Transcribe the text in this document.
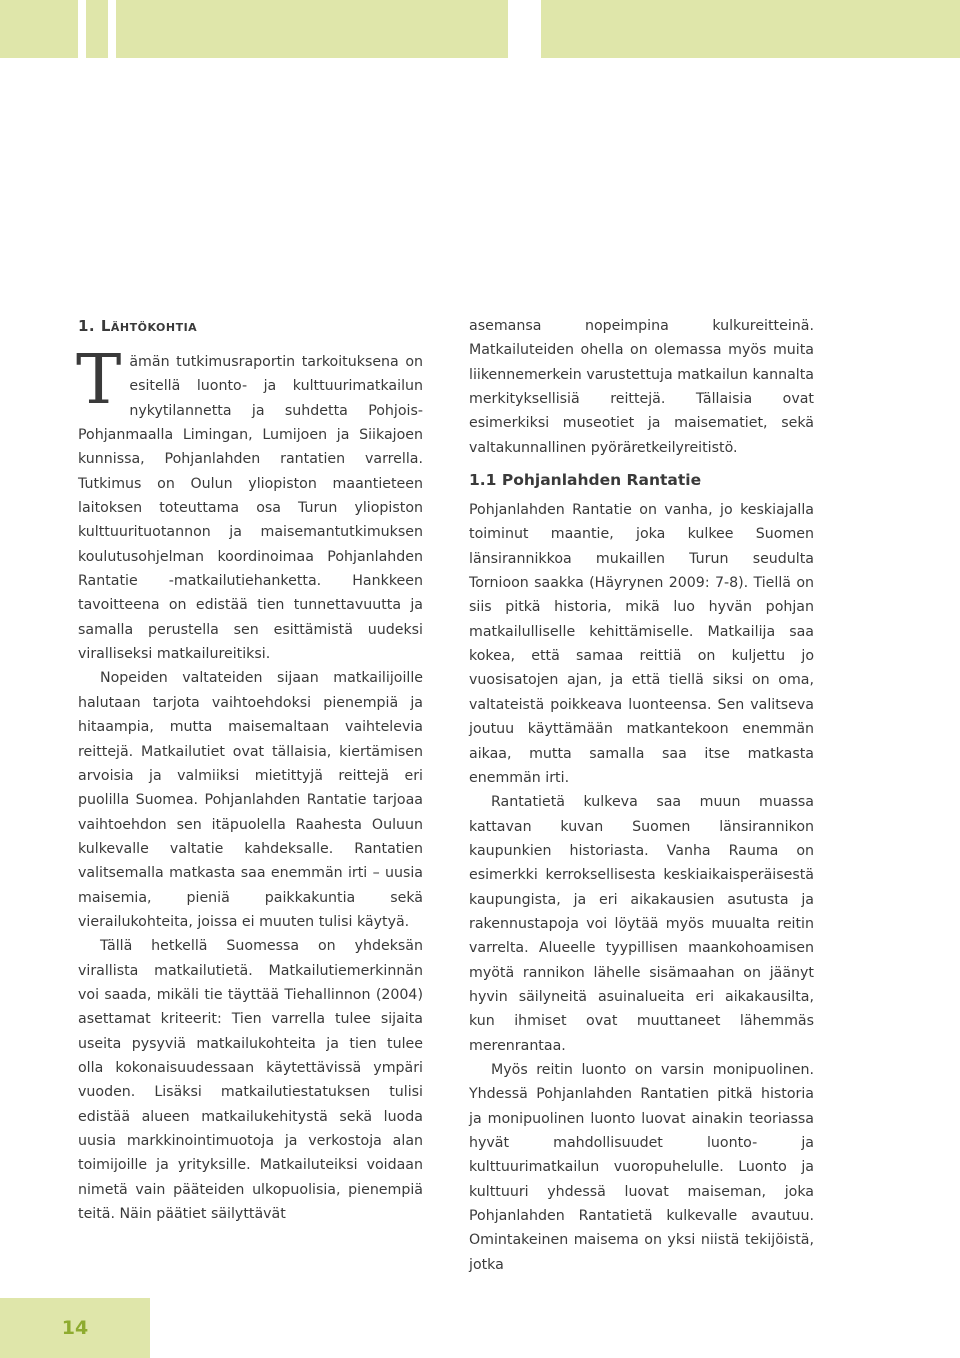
1. Lähtökohtia

Tämän tutkimusraportin tarkoituksena on esitellä luonto- ja kulttuurimatkailun nykytilannetta ja suhdetta Pohjois-Pohjanmaalla Limingan, Lumijoen ja Siikajoen kunnissa, Pohjanlahden rantatien varrella. Tutkimus on Oulun yliopiston maantieteen laitoksen toteuttama osa Turun yliopiston kulttuurituotannon ja maisemantutkimuksen koulutusohjelman koordinoimaa Pohjanlahden Rantatie -matkailutiehanketta. Hankkeen tavoitteena on edistää tien tunnettavuutta ja samalla perustella sen esittämistä uudeksi viralliseksi matkailureitiksi.

Nopeiden valtateiden sijaan matkailijoille halutaan tarjota vaihtoehdoksi pienempiä ja hitaampia, mutta maisemaltaan vaihtelevia reittejä. Matkailutiet ovat tällaisia, kiertämisen arvoisia ja valmiiksi mietittyjä reittejä eri puolilla Suomea. Pohjanlahden Rantatie tarjoaa vaihtoehdon sen itäpuolella Raahesta Ouluun kulkevalle valtatie kahdeksalle. Rantatien valitsemalla matkasta saa enemmän irti – uusia maisemia, pieniä paikkakuntia sekä vierailukohteita, joissa ei muuten tulisi käytyä.

Tällä hetkellä Suomessa on yhdeksän virallista matkailutietä. Matkailutiemerkinnän voi saada, mikäli tie täyttää Tiehallinnon (2004) asettamat kriteerit: Tien varrella tulee sijaita useita pysyviä matkailukohteita ja tien tulee olla kokonaisuudessaan käytettävissä ympäri vuoden. Lisäksi matkailutiestatuksen tulisi edistää alueen matkailukehitystä sekä luoda uusia markkinointimuotoja ja verkostoja alan toimijoille ja yrityksille. Matkailuteiksi voidaan nimetä vain pääteiden ulkopuolisia, pienempiä teitä. Näin päätiet säilyttävät

asemansa nopeimpina kulkureitteinä. Matkailuteiden ohella on olemassa myös muita liikennemerkein varustettuja matkailun kannalta merkityksellisiä reittejä. Tällaisia ovat esimerkiksi museotiet ja maisematiet, sekä valtakunnallinen pyöräretkeilyreitistö.

1.1 Pohjanlahden Rantatie

Pohjanlahden Rantatie on vanha, jo keskiajalla toiminut maantie, joka kulkee Suomen länsirannikkoa mukaillen Turun seudulta Tornioon saakka (Häyrynen 2009: 7-8). Tiellä on siis pitkä historia, mikä luo hyvän pohjan matkailulliselle kehittämiselle. Matkailija saa kokea, että samaa reittiä on kuljettu jo vuosisatojen ajan, ja että tiellä siksi on oma, valtateistä poikkeava luonteensa. Sen valitseva joutuu käyttämään matkantekoon enemmän aikaa, mutta samalla saa itse matkasta enemmän irti.

Rantatietä kulkeva saa muun muassa kattavan kuvan Suomen länsirannikon kaupunkien historiasta. Vanha Rauma on esimerkki kerroksellisesta keskiaikaisperäisestä kaupungista, ja eri aikakausien asutusta ja rakennustapoja voi löytää myös muualta reitin varrelta. Alueelle tyypillisen maankohoamisen myötä rannikon lähelle sisämaahan on jäänyt hyvin säilyneitä asuinalueita eri aikakausilta, kun ihmiset ovat muuttaneet lähemmäs merenrantaa.

Myös reitin luonto on varsin monipuolinen. Yhdessä Pohjanlahden Rantatien pitkä historia ja monipuolinen luonto luovat ainakin teoriassa hyvät mahdollisuudet luonto- ja kulttuurimatkailun vuoropuhelulle. Luonto ja kulttuuri yhdessä luovat maiseman, joka Pohjanlahden Rantatietä kulkevalle avautuu. Omintakeinen maisema on yksi niistä tekijöistä, jotka

14
